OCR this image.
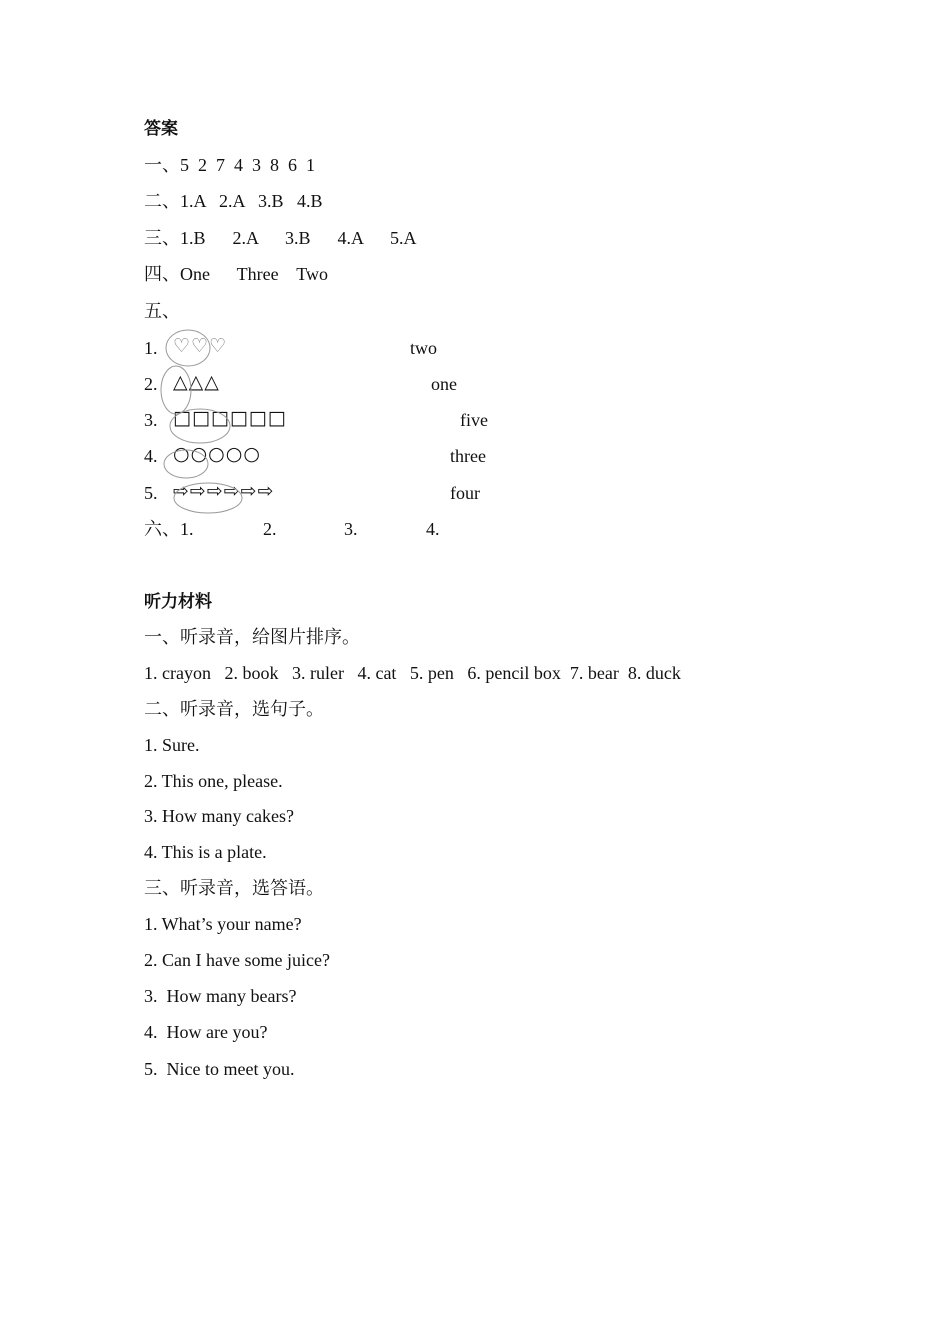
答案
一、5  2  7  4  3  8  6  1
二、1.A   2.A   3.B   4.B
三、1.B      2.A      3.B      4.A      5.A
四、One      Three    Two
五、
1. ♡♡♡	two
2. △△△	one
3. □□□□□□	five
4. ○○○○○	three
5. ⇨⇨⇨⇨⇨⇨	four
六、1.	2.	3.	4.
听力材料
一、听录音，给图片排序。
1. crayon   2. book   3. ruler   4. cat   5. pen   6. pencil box  7. bear  8. duck
二、听录音，选句子。
1. Sure.
2. This one, please.
3. How many cakes?
4. This is a plate.
三、听录音，选答语。
1. What’s your name?
2. Can I have some juice?
3.  How many bears?
4.  How are you?
5.  Nice to meet you.
